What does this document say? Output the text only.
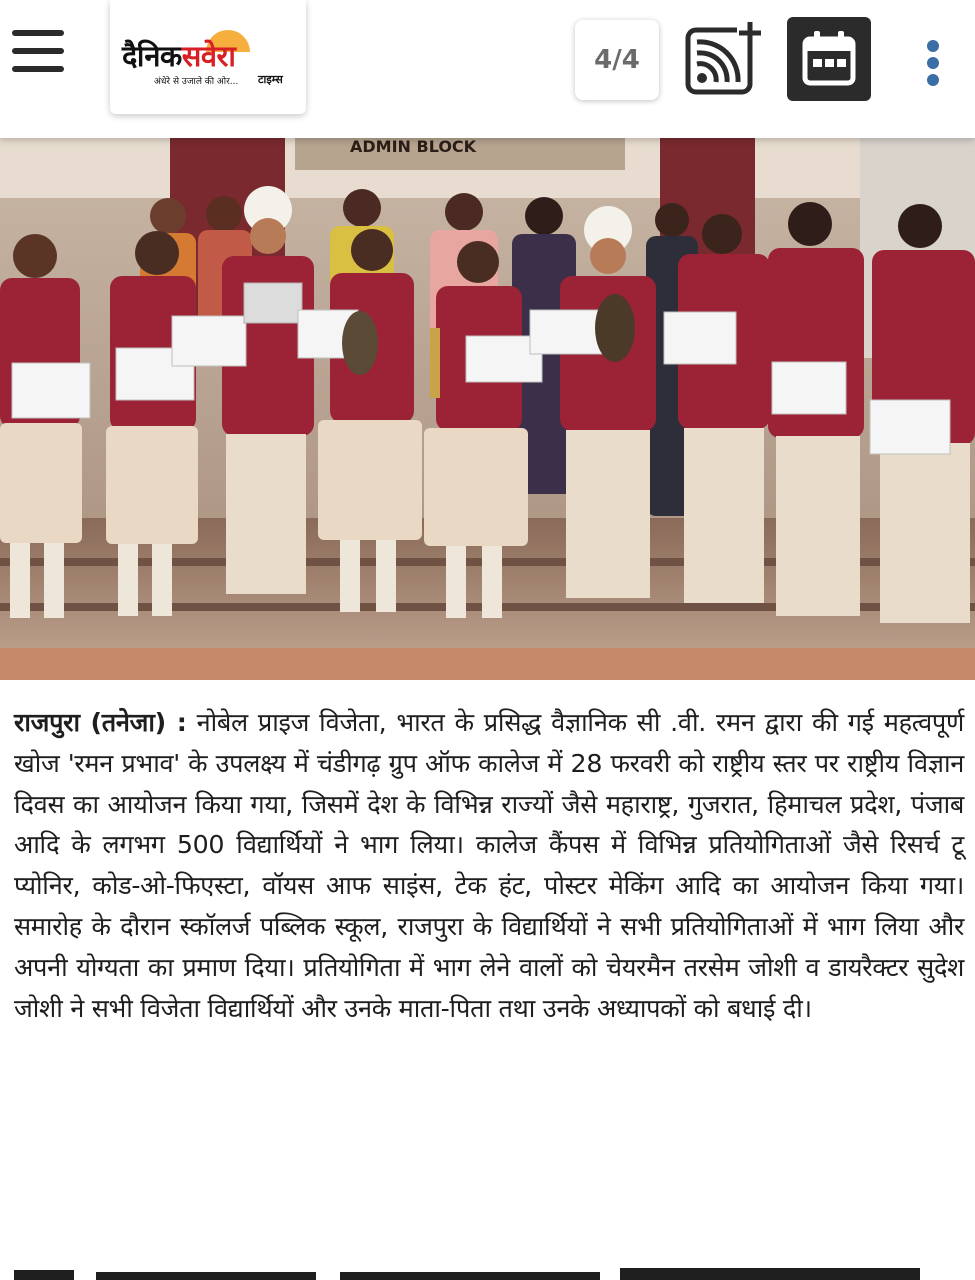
दैनिकसवेरा
अंधेरे से उजाले की ओर... टाइम्स
4/4
ADMIN BLOCK
राजपुरा (तनेजा) : नोबेल प्राइज विजेता, भारत के प्रसिद्ध वैज्ञानिक सी .वी. रमन द्वारा की गई महत्वपूर्ण खोज 'रमन प्रभाव' के उपलक्ष्य में चंडीगढ़ ग्रुप ऑफ कालेज में 28 फरवरी को राष्ट्रीय स्तर पर राष्ट्रीय विज्ञान दिवस का आयोजन किया गया, जिसमें देश के विभिन्न राज्यों जैसे महाराष्ट्र, गुजरात, हिमाचल प्रदेश, पंजाब आदि के लगभग 500 विद्यार्थियों ने भाग लिया। कालेज कैंपस में विभिन्न प्रतियोगिताओं जैसे रिसर्च टू प्योनिर, कोड-ओ-फिएस्टा, वॉयस आफ साइंस, टेक हंट, पोस्टर मेकिंग आदि का आयोजन किया गया। समारोह के दौरान स्कॉलर्ज पब्लिक स्कूल, राजपुरा के विद्यार्थियों ने सभी प्रतियोगिताओं में भाग लिया और अपनी योग्यता का प्रमाण दिया। प्रतियोगिता में भाग लेने वालों को चेयरमैन तरसेम जोशी व डायरैक्टर सुदेश जोशी ने सभी विजेता विद्यार्थियों और उनके माता-पिता तथा उनके अध्यापकों को बधाई दी।
